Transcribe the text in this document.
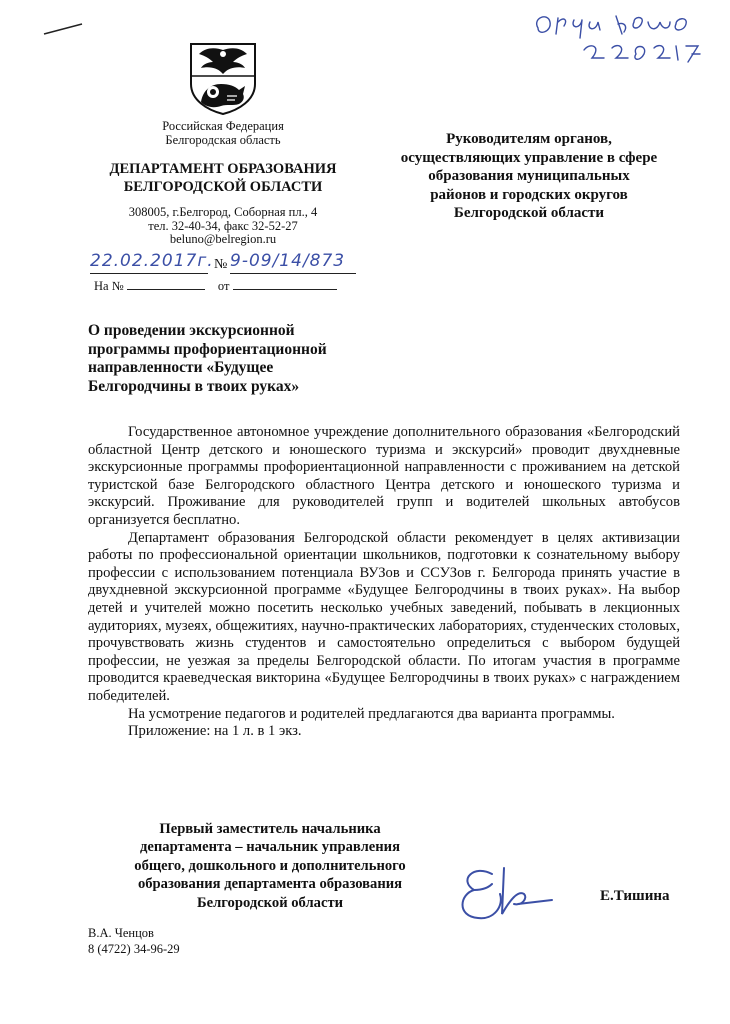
Российская Федерация
Белгородская область
ДЕПАРТАМЕНТ ОБРАЗОВАНИЯ
БЕЛГОРОДСКОЙ ОБЛАСТИ
308005, г.Белгород, Соборная пл., 4
тел. 32-40-34, факс 32-52-27
beluno@belregion.ru
22.02.2017г. № 9-09/14/873
На №	от
Руководителям органов,
осуществляющих управление в сфере
образования муниципальных
районов и городских округов
Белгородской области
О проведении экскурсионной
программы профориентационной
направленности «Будущее
Белгородчины в твоих руках»

Государственное автономное учреждение дополнительного образования «Белгородский областной Центр детского и юношеского туризма и экскурсий» проводит двухдневные экскурсионные программы профориентационной направленности с проживанием на детской туристской базе Белгородского областного Центра детского и юношеского туризма и экскурсий. Проживание для руководителей групп и водителей школьных автобусов организуется бесплатно.

Департамент образования Белгородской области рекомендует в целях активизации работы по профессиональной ориентации школьников, подготовки к сознательному выбору профессии с использованием потенциала ВУЗов и ССУЗов г. Белгорода принять участие в двухдневной экскурсионной программе «Будущее Белгородчины в твоих руках». На выбор детей и учителей можно посетить несколько учебных заведений, побывать в лекционных аудиториях, музеях, общежитиях, научно-практических лабораториях, студенческих столовых, прочувствовать жизнь студентов и самостоятельно определиться с выбором будущей профессии, не уезжая за пределы Белгородской области. По итогам участия в программе проводится краеведческая викторина «Будущее Белгородчины в твоих руках» с награждением победителей.

На усмотрение педагогов и родителей предлагаются два варианта программы.

Приложение: на 1 л. в 1 экз.

Первый заместитель начальника
департамента – начальник управления
общего, дошкольного и дополнительного
образования департамента образования
Белгородской области	Е.Тишина
В.А. Ченцов
8 (4722) 34-96-29
